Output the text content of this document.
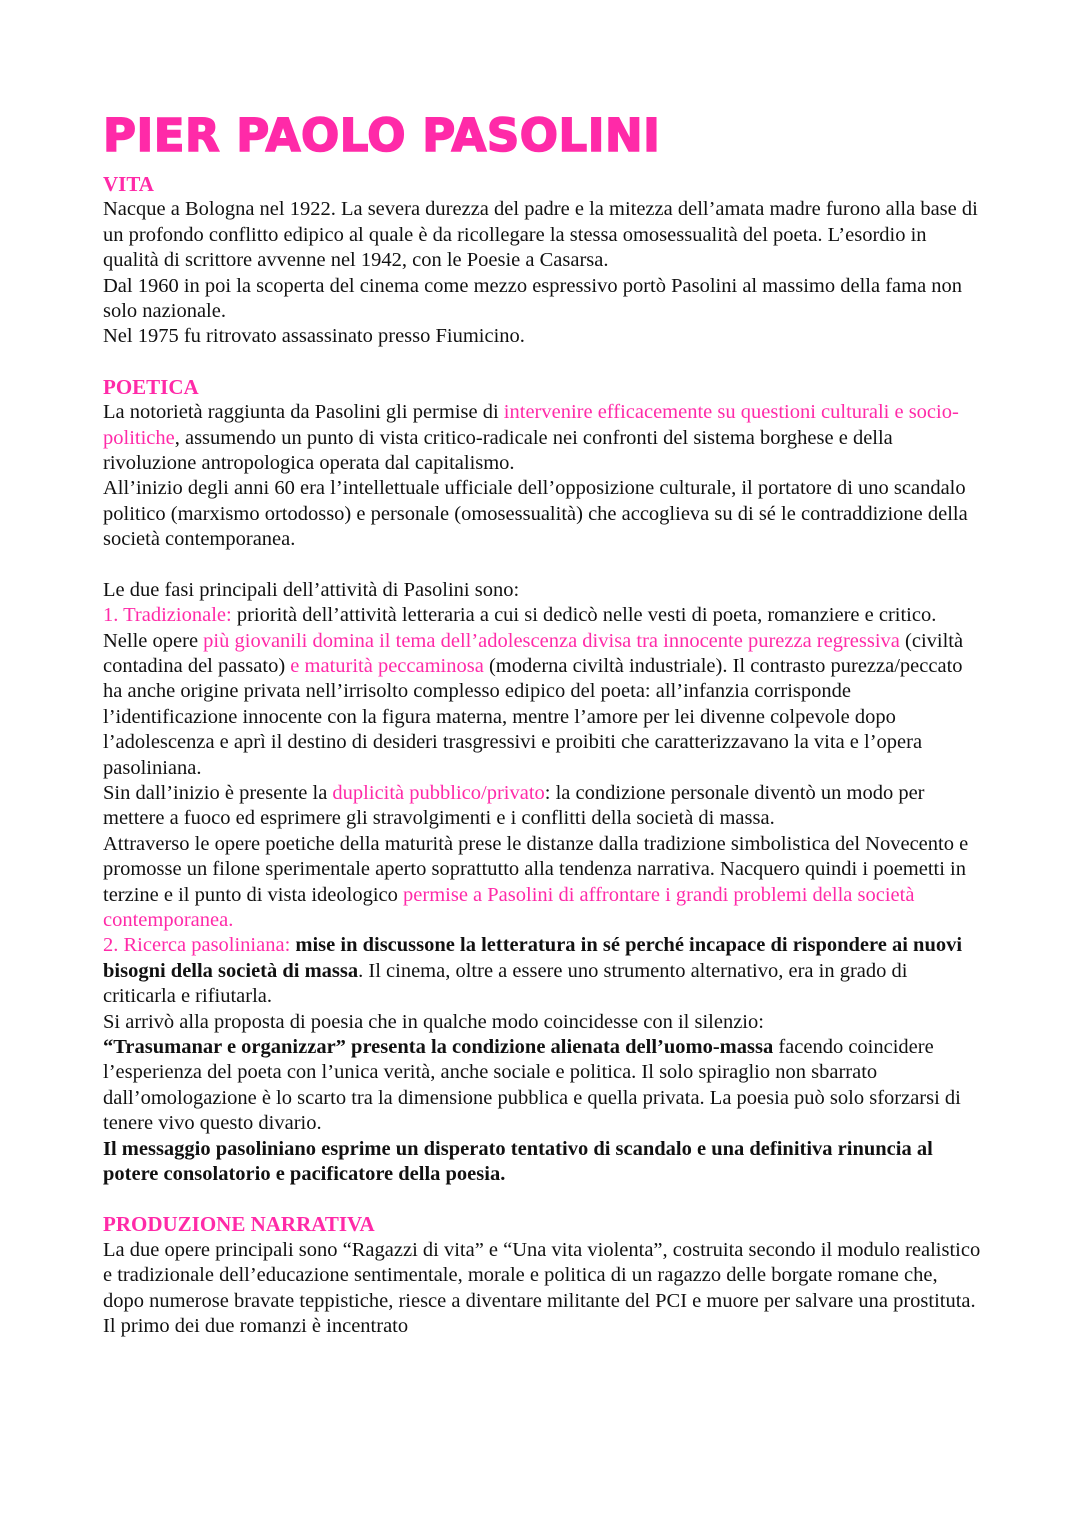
PIER PAOLO PASOLINI

VITA

Nacque a Bologna nel 1922. La severa durezza del padre e la mitezza dell’amata madre furono alla base di un profondo conflitto edipico al quale è da ricollegare la stessa omosessualità del poeta. L’esordio in qualità di scrittore avvenne nel 1942, con le Poesie a Casarsa.

Dal 1960 in poi la scoperta del cinema come mezzo espressivo portò Pasolini al massimo della fama non solo nazionale.

Nel 1975 fu ritrovato assassinato presso Fiumicino.

POETICA

La notorietà raggiunta da Pasolini gli permise di intervenire efficacemente su questioni culturali e socio-politiche, assumendo un punto di vista critico-radicale nei confronti del sistema borghese e della rivoluzione antropologica operata dal capitalismo.

All’inizio degli anni 60 era l’intellettuale ufficiale dell’opposizione culturale, il portatore di uno scandalo politico (marxismo ortodosso) e personale (omosessualità) che accoglieva su di sé le contraddizione della società contemporanea.

Le due fasi principali dell’attività di Pasolini sono:

1. Tradizionale: priorità dell’attività letteraria a cui si dedicò nelle vesti di poeta, romanziere e critico. Nelle opere più giovanili domina il tema dell’adolescenza divisa tra innocente purezza regressiva (civiltà contadina del passato) e maturità peccaminosa (moderna civiltà industriale). Il contrasto purezza/peccato ha anche origine privata nell’irrisolto complesso edipico del poeta: all’infanzia corrisponde l’identificazione innocente con la figura materna, mentre l’amore per lei divenne colpevole dopo l’adolescenza e aprì il destino di desideri trasgressivi e proibiti che caratterizzavano la vita e l’opera pasoliniana.

Sin dall’inizio è presente la duplicità pubblico/privato: la condizione personale diventò un modo per mettere a fuoco ed esprimere gli stravolgimenti e i conflitti della società di massa.

Attraverso le opere poetiche della maturità prese le distanze dalla tradizione simbolistica del Novecento e promosse un filone sperimentale aperto soprattutto alla tendenza narrativa. Nacquero quindi i poemetti in terzine e il punto di vista ideologico permise a Pasolini di affrontare i grandi problemi della società contemporanea.

2. Ricerca pasoliniana: mise in discussone la letteratura in sé perché incapace di rispondere ai nuovi bisogni della società di massa. Il cinema, oltre a essere uno strumento alternativo, era in grado di criticarla e rifiutarla.

Si arrivò alla proposta di poesia che in qualche modo coincidesse con il silenzio:

“Trasumanar e organizzar” presenta la condizione alienata dell’uomo-massa facendo coincidere l’esperienza del poeta con l’unica verità, anche sociale e politica. Il solo spiraglio non sbarrato dall’omologazione è lo scarto tra la dimensione pubblica e quella privata. La poesia può solo sforzarsi di tenere vivo questo divario.

Il messaggio pasoliniano esprime un disperato tentativo di scandalo e una definitiva rinuncia al potere consolatorio e pacificatore della poesia.

PRODUZIONE NARRATIVA

La due opere principali sono “Ragazzi di vita” e “Una vita violenta”, costruita secondo il modulo realistico e tradizionale dell’educazione sentimentale, morale e politica di un ragazzo delle borgate romane che, dopo numerose bravate teppistiche, riesce a diventare militante del PCI e muore per salvare una prostituta. Il primo dei due romanzi è incentrato
